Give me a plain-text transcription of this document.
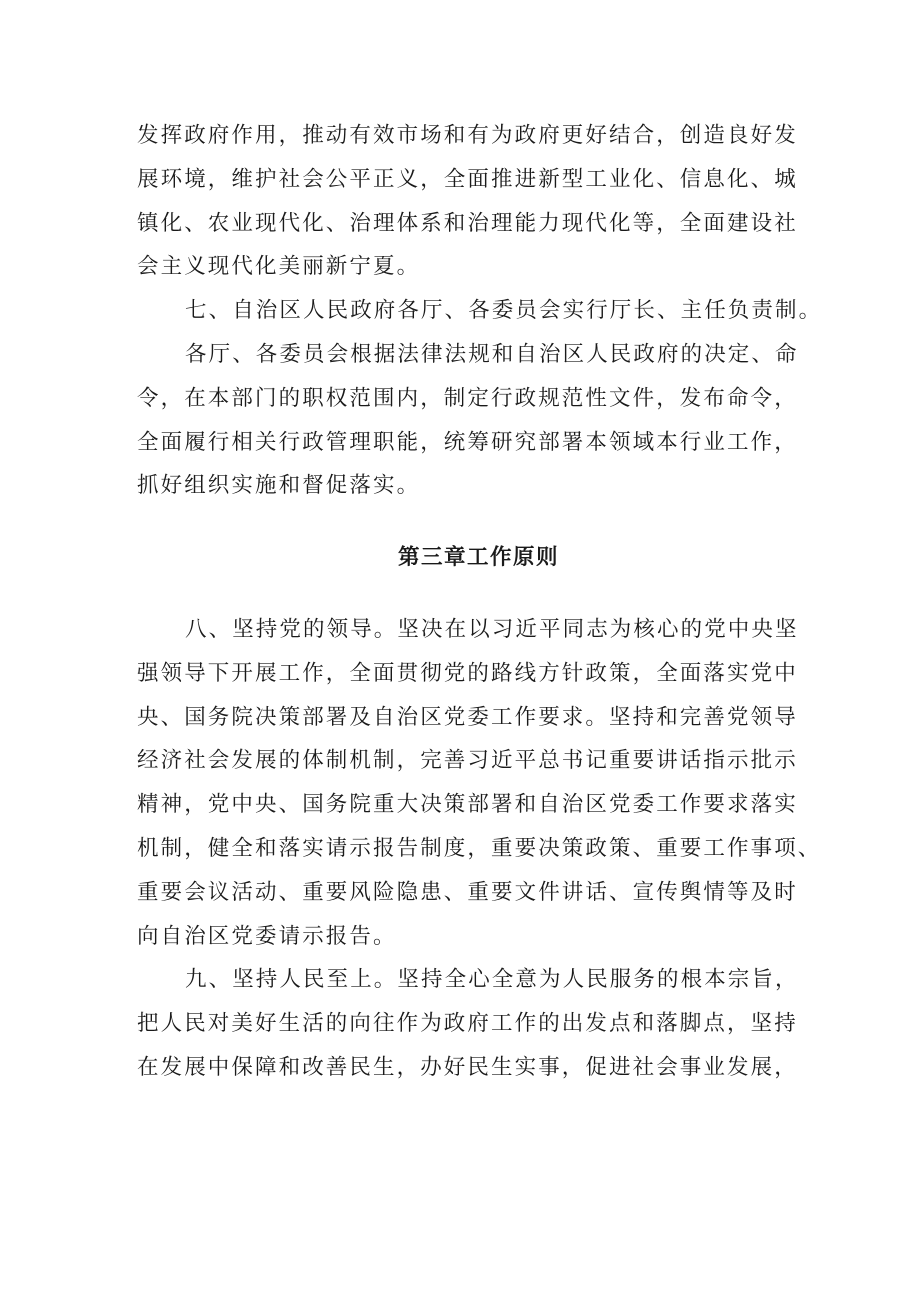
发挥政府作用，推动有效市场和有为政府更好结合，创造良好发
展环境，维护社会公平正义，全面推进新型工业化、信息化、城
镇化、农业现代化、治理体系和治理能力现代化等，全面建设社
会主义现代化美丽新宁夏。

七、自治区人民政府各厅、各委员会实行厅长、主任负责制。

各厅、各委员会根据法律法规和自治区人民政府的决定、命
令，在本部门的职权范围内，制定行政规范性文件，发布命令，
全面履行相关行政管理职能，统筹研究部署本领域本行业工作，
抓好组织实施和督促落实。

第三章工作原则

八、坚持党的领导。坚决在以习近平同志为核心的党中央坚
强领导下开展工作，全面贯彻党的路线方针政策，全面落实党中
央、国务院决策部署及自治区党委工作要求。坚持和完善党领导
经济社会发展的体制机制，完善习近平总书记重要讲话指示批示
精神，党中央、国务院重大决策部署和自治区党委工作要求落实
机制，健全和落实请示报告制度，重要决策政策、重要工作事项、
重要会议活动、重要风险隐患、重要文件讲话、宣传舆情等及时
向自治区党委请示报告。

九、坚持人民至上。坚持全心全意为人民服务的根本宗旨，
把人民对美好生活的向往作为政府工作的出发点和落脚点，坚持
在发展中保障和改善民生，办好民生实事，促进社会事业发展，
